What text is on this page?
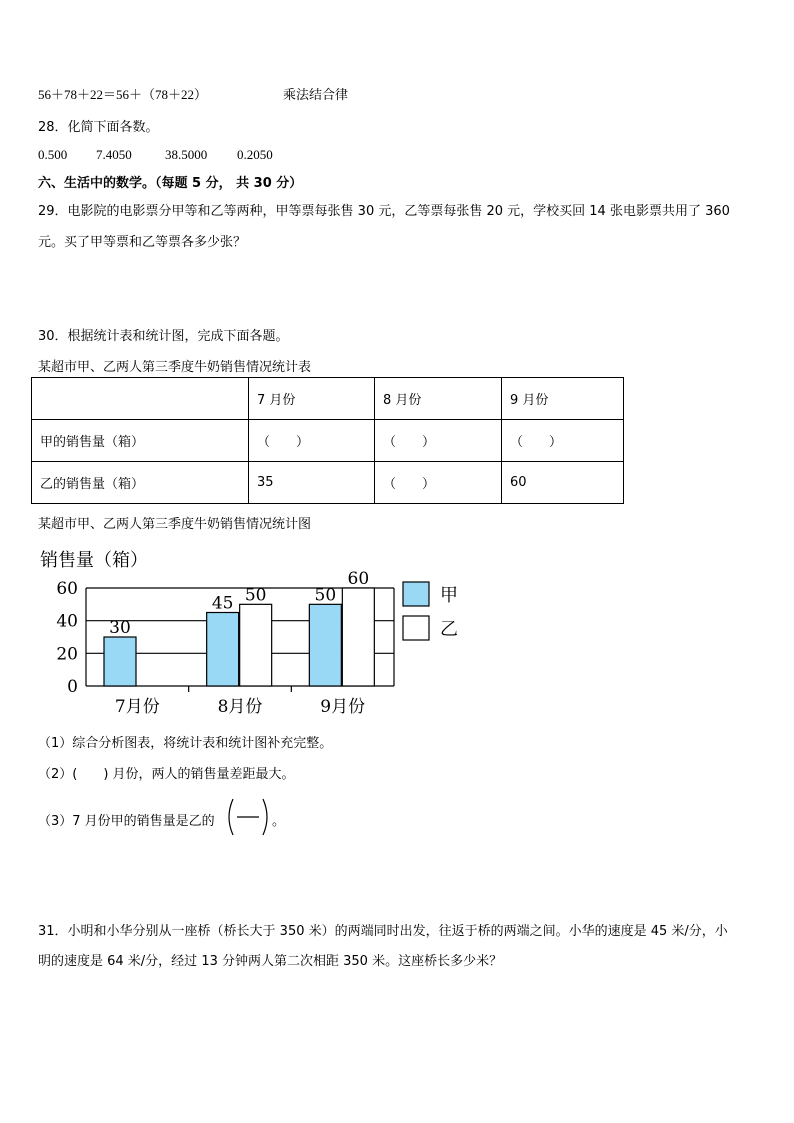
56＋78＋22＝56＋（78＋22）	乘法结合律
28．化简下面各数。
0.500 7.4050	38.5000 0.2050
六、生活中的数学。（每题 5 分， 共 30 分）
29．电影院的电影票分甲等和乙等两种，甲等票每张售 30 元，乙等票每张售 20 元，学校买回 14 张电影票共用了 360
元。买了甲等票和乙等票各多少张？
30．根据统计表和统计图，完成下面各题。
某超市甲、乙两人第三季度牛奶销售情况统计表
	7 月份	8 月份	9 月份
甲的销售量（箱）	（　　）	（　　）	（　　）
乙的销售量（箱）	35	（　　）	60
某超市甲、乙两人第三季度牛奶销售情况统计图
销售量（箱）
0
20
40
60
30
7月份
45 50
8月份
50
60
9月份
甲
乙
（1）综合分析图表，将统计表和统计图补充完整。
（2）(　　) 月份，两人的销售量差距最大。
（3）7 月份甲的销售量是乙的	。
31．小明和小华分别从一座桥（桥长大于 350 米）的两端同时出发，往返于桥的两端之间。小华的速度是 45 米/分，小
明的速度是 64 米/分，经过 13 分钟两人第二次相距 350 米。这座桥长多少米？
